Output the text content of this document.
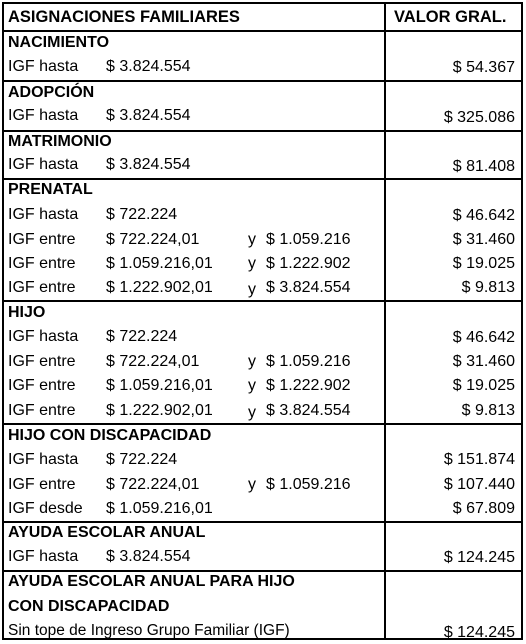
ASIGNACIONES FAMILIARES	VALOR GRAL.
NACIMIENTO
IGF hasta $ 3.824.554	$ 54.367
ADOPCIÓN
IGF hasta $ 3.824.554	$ 325.086
MATRIMONIO
IGF hasta $ 3.824.554	$ 81.408
PRENATAL
IGF hasta $ 722.224	$ 46.642
IGF entre $ 722.224,01	y $ 1.059.216	$ 31.460
IGF entre $ 1.059.216,01 y $ 1.222.902	$ 19.025
IGF entre $ 1.222.902,01 y $ 3.824.554	$ 9.813
HIJO
IGF hasta $ 722.224	$ 46.642
IGF entre $ 722.224,01	y $ 1.059.216	$ 31.460
IGF entre $ 1.059.216,01 y $ 1.222.902	$ 19.025
IGF entre $ 1.222.902,01 y $ 3.824.554	$ 9.813
HIJO CON DISCAPACIDAD
IGF hasta $ 722.224	$ 151.874
IGF entre $ 722.224,01	y $ 1.059.216	$ 107.440
IGF desde $ 1.059.216,01	$ 67.809
AYUDA ESCOLAR ANUAL
IGF hasta $ 3.824.554	$ 124.245
AYUDA ESCOLAR ANUAL PARA HIJO
CON DISCAPACIDAD
Sin tope de Ingreso Grupo Familiar (IGF)	$ 124.245
